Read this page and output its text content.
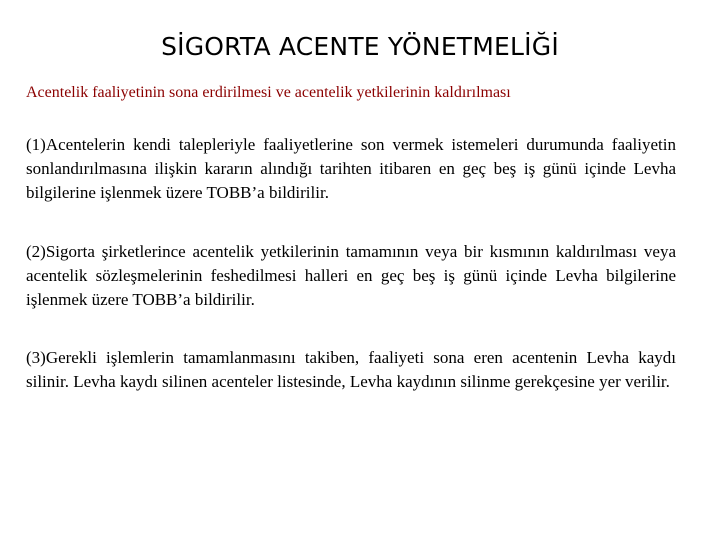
SİGORTA ACENTE YÖNETMELİĞİ
Acentelik faaliyetinin sona erdirilmesi ve acentelik yetkilerinin kaldırılması
(1)Acentelerin kendi talepleriyle faaliyetlerine son vermek istemeleri durumunda faaliyetin sonlandırılmasına ilişkin kararın alındığı tarihten itibaren en geç beş iş günü içinde Levha bilgilerine işlenmek üzere TOBB’a bildirilir.
(2)Sigorta şirketlerince acentelik yetkilerinin tamamının veya bir kısmının kaldırılması veya acentelik sözleşmelerinin feshedilmesi halleri en geç beş iş günü içinde Levha bilgilerine işlenmek üzere TOBB’a bildirilir.
(3)Gerekli işlemlerin tamamlanmasını takiben, faaliyeti sona eren acentenin Levha kaydı silinir. Levha kaydı silinen acenteler listesinde, Levha kaydının silinme gerekçesine yer verilir.
